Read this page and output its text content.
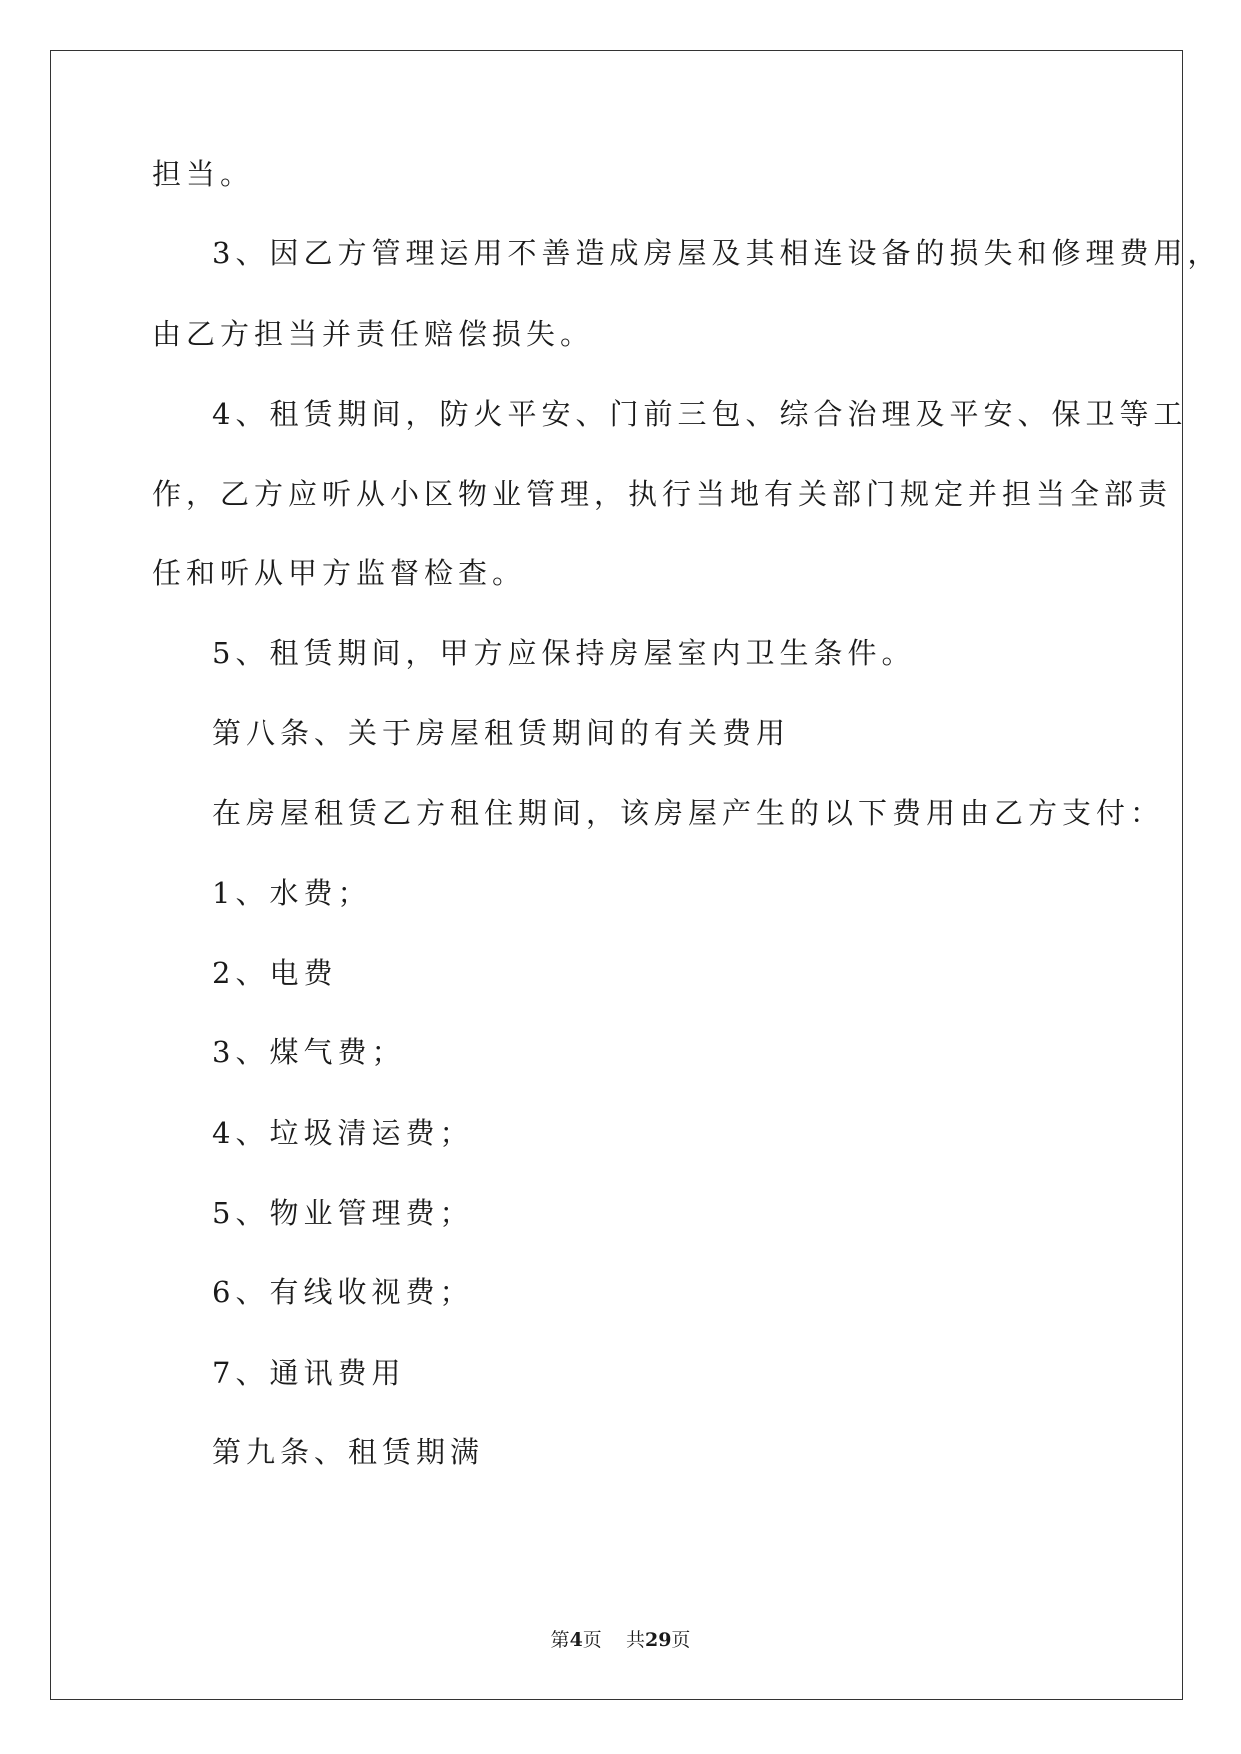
担当。
3、因乙方管理运用不善造成房屋及其相连设备的损失和修理费用，
由乙方担当并责任赔偿损失。
4、租赁期间，防火平安、门前三包、综合治理及平安、保卫等工
作，乙方应听从小区物业管理，执行当地有关部门规定并担当全部责
任和听从甲方监督检查。
5、租赁期间，甲方应保持房屋室内卫生条件。
第八条、关于房屋租赁期间的有关费用
在房屋租赁乙方租住期间，该房屋产生的以下费用由乙方支付：
1、水费；
2、电费
3、煤气费；
4、垃圾清运费；
5、物业管理费；
6、有线收视费；
7、通讯费用
第九条、租赁期满
第4页    共29页
